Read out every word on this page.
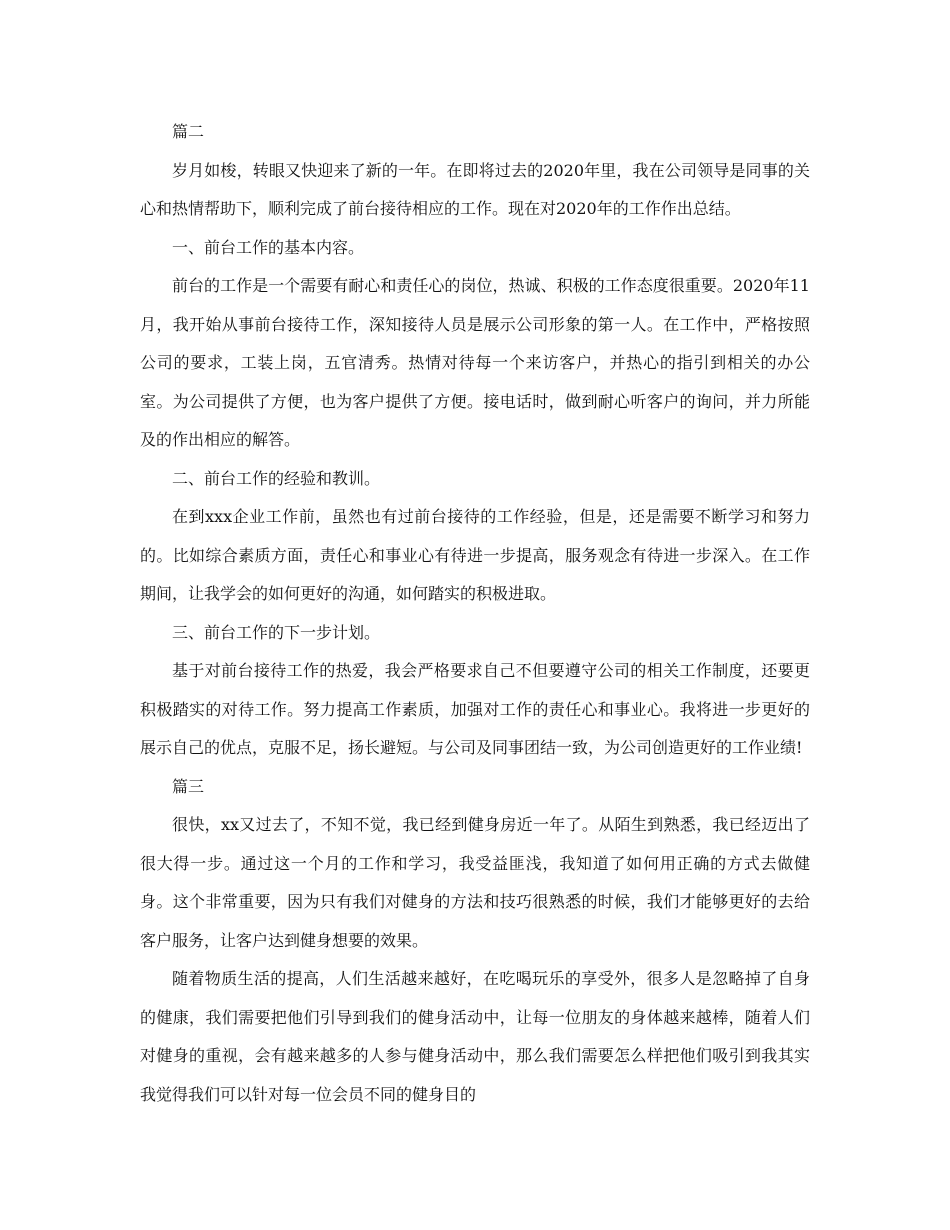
篇二

岁月如梭，转眼又快迎来了新的一年。在即将过去的2020年里，我在公司领导是同事的关心和热情帮助下，顺利完成了前台接待相应的工作。现在对2020年的工作作出总结。

一、前台工作的基本内容。

前台的工作是一个需要有耐心和责任心的岗位，热诚、积极的工作态度很重要。2020年11月，我开始从事前台接待工作，深知接待人员是展示公司形象的第一人。在工作中，严格按照公司的要求，工装上岗，五官清秀。热情对待每一个来访客户，并热心的指引到相关的办公室。为公司提供了方便，也为客户提供了方便。接电话时，做到耐心听客户的询问，并力所能及的作出相应的解答。

二、前台工作的经验和教训。

在到xxx企业工作前，虽然也有过前台接待的工作经验，但是，还是需要不断学习和努力的。比如综合素质方面，责任心和事业心有待进一步提高，服务观念有待进一步深入。在工作期间，让我学会的如何更好的沟通，如何踏实的积极进取。

三、前台工作的下一步计划。

基于对前台接待工作的热爱，我会严格要求自己不但要遵守公司的相关工作制度，还要更积极踏实的对待工作。努力提高工作素质，加强对工作的责任心和事业心。我将进一步更好的展示自己的优点，克服不足，扬长避短。与公司及同事团结一致，为公司创造更好的工作业绩!

篇三

很快，xx又过去了，不知不觉，我已经到健身房近一年了。从陌生到熟悉，我已经迈出了很大得一步。通过这一个月的工作和学习，我受益匪浅，我知道了如何用正确的方式去做健身。这个非常重要，因为只有我们对健身的方法和技巧很熟悉的时候，我们才能够更好的去给客户服务，让客户达到健身想要的效果。

随着物质生活的提高，人们生活越来越好，在吃喝玩乐的享受外，很多人是忽略掉了自身的健康，我们需要把他们引导到我们的健身活动中，让每一位朋友的身体越来越棒，随着人们对健身的重视，会有越来越多的人参与健身活动中，那么我们需要怎么样把他们吸引到我其实我觉得我们可以针对每一位会员不同的健身目的
